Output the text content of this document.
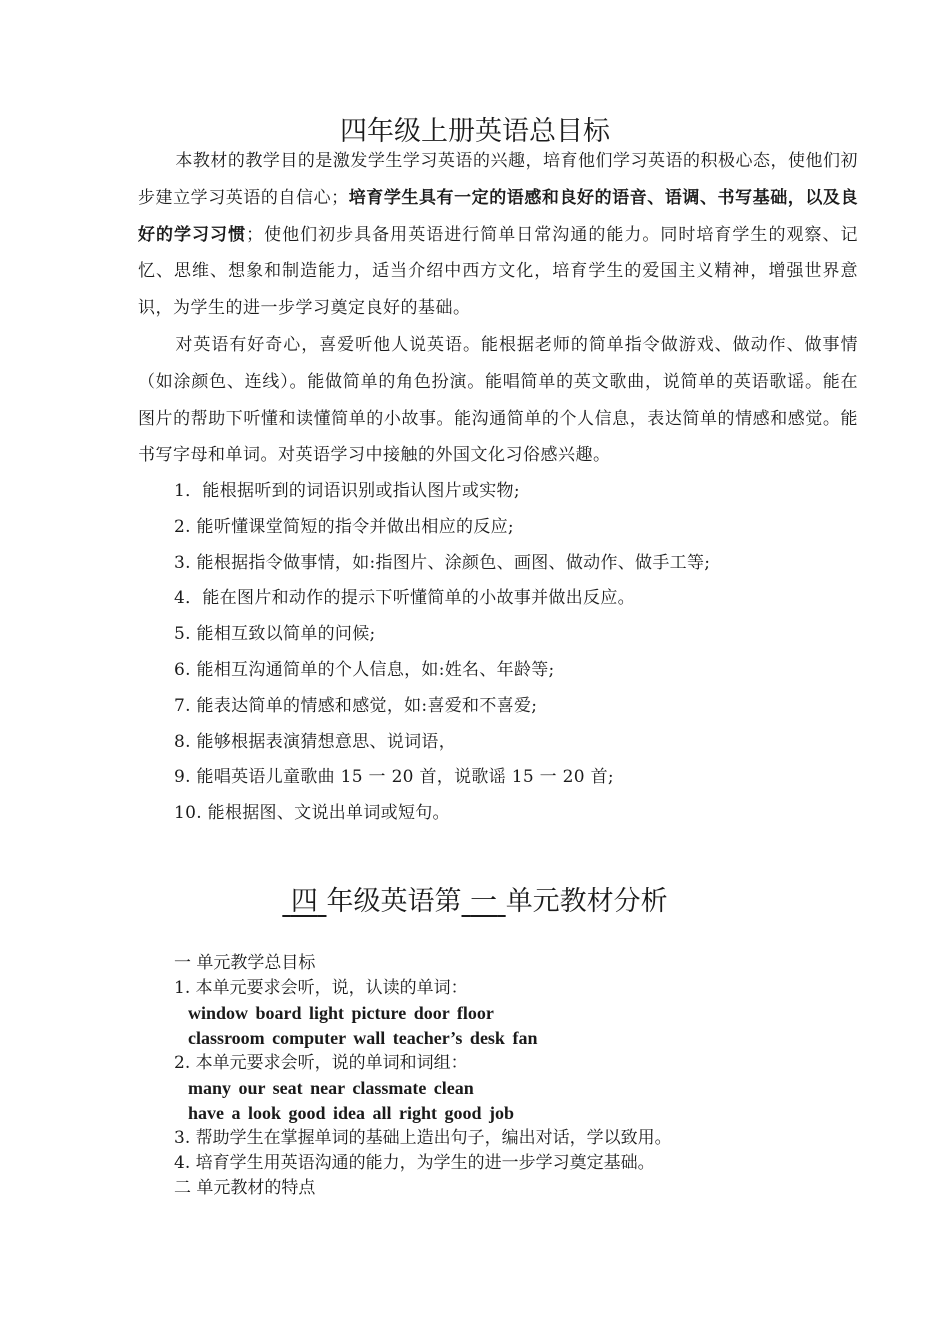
四年级上册英语总目标
本教材的教学目的是激发学生学习英语的兴趣，培育他们学习英语的积极心态，使他们初步建立学习英语的自信心；培育学生具有一定的语感和良好的语音、语调、书写基础，以及良好的学习习惯；使他们初步具备用英语进行简单日常沟通的能力。同时培育学生的观察、记忆、思维、想象和制造能力，适当介绍中西方文化，培育学生的爱国主义精神，增强世界意识，为学生的进一步学习奠定良好的基础。
对英语有好奇心，喜爱听他人说英语。能根据老师的简单指令做游戏、做动作、做事情（如涂颜色、连线）。能做简单的角色扮演。能唱简单的英文歌曲，说简单的英语歌谣。能在图片的帮助下听懂和读懂简单的小故事。能沟通简单的个人信息，表达简单的情感和感觉。能书写字母和单词。对英语学习中接触的外国文化习俗感兴趣。
1．能根据听到的词语识别或指认图片或实物;
2. 能听懂课堂简短的指令并做出相应的反应;
3. 能根据指令做事情，如:指图片、涂颜色、画图、做动作、做手工等;
4．能在图片和动作的提示下听懂简单的小故事并做出反应。
5. 能相互致以简单的问候;
6. 能相互沟通简单的个人信息，如:姓名、年龄等;
7. 能表达简单的情感和感觉，如:喜爱和不喜爱;
8. 能够根据表演猜想意思、说词语，
9. 能唱英语儿童歌曲 15 一 20 首，说歌谣 15 一 20 首;
10. 能根据图、文说出单词或短句。
四 年级英语第 一 单元教材分析
一 单元教学总目标
1. 本单元要求会听，说，认读的单词：
window board light picture door floor
classroom computer wall teacher’s desk fan
2. 本单元要求会听，说的单词和词组：
many our seat near classmate clean
have a look good idea all right good job
3. 帮助学生在掌握单词的基础上造出句子，编出对话，学以致用。
4. 培育学生用英语沟通的能力，为学生的进一步学习奠定基础。
二 单元教材的特点
